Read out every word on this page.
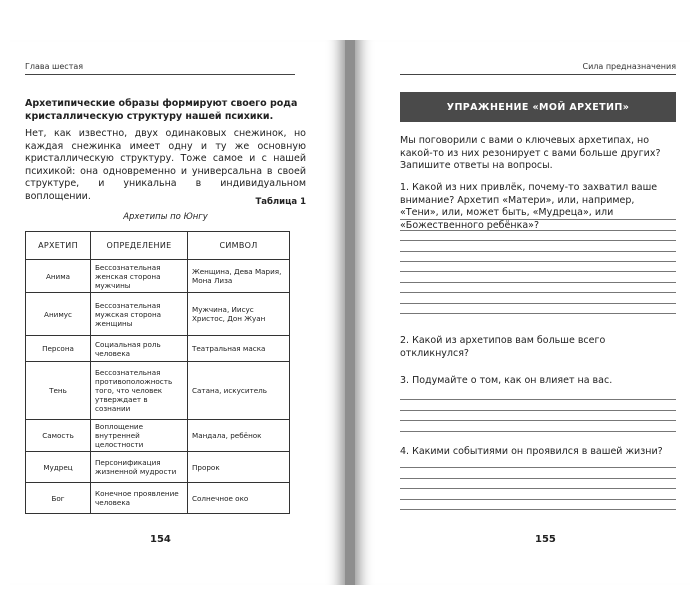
Глава шестая
Архетипические образы формируют своего рода кристаллическую структуру нашей психики.
Нет, как известно, двух одинаковых снежинок, но каждая снежинка имеет одну и ту же основную кристаллическую структуру. Тоже самое и с нашей психикой: она одновременно и универсальна в своей структуре, и уникальна в индивидуальном воплощении.
Таблица 1
Архетипы по Юнгу
АРХЕТИП	ОПРЕДЕЛЕНИЕ	СИМВОЛ
Анима	Бессознательная женская сторона мужчины	Женщина, Дева Мария, Мона Лиза
Анимус	Бессознательная мужская сторона женщины	Мужчина, Иисус Христос, Дон Жуан
Персона	Социальная роль человека	Театральная маска
Тень	Бессознательная противоположность того, что человек утверждает в сознании	Сатана, искуситель
Самость	Воплощение внутренней целостности	Мандала, ребёнок
Мудрец	Персонификация жизненной мудрости	Пророк
Бог	Конечное проявление человека	Солнечное око
154
Сила предназначения
УПРАЖНЕНИЕ «МОЙ АРХЕТИП»
Мы поговорили с вами о ключевых архетипах, но какой-то из них резонирует с вами больше других? Запишите ответы на вопросы.
1. Какой из них привлёк, почему-то захватил ваше внимание? Архетип «Матери», или, например, «Тени», или, может быть, «Мудреца», или «Божественного ребёнка»?
2. Какой из архетипов вам больше всего откликнулся?
3. Подумайте о том, как он влияет на вас.
4. Какими событиями он проявился в вашей жизни?
155
